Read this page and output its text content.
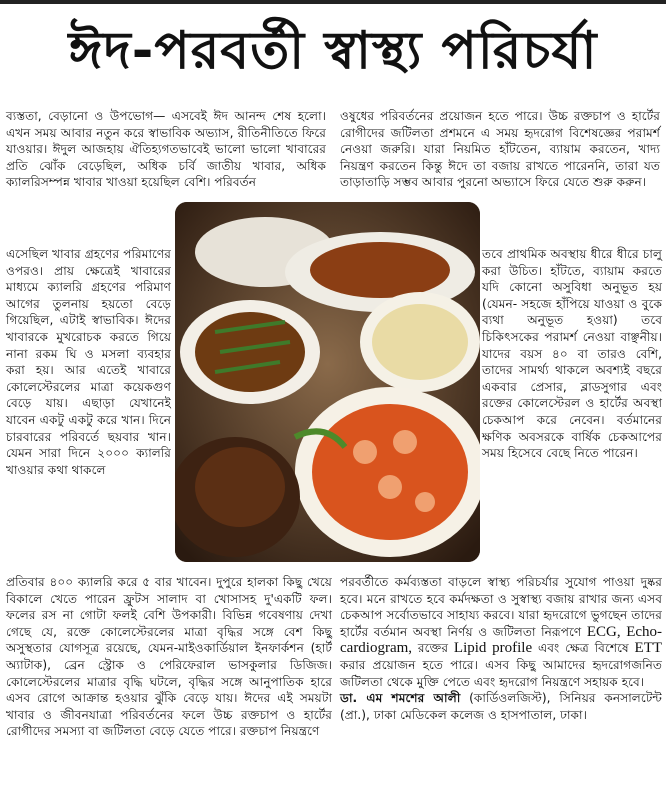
ঈদ-পরবর্তী স্বাস্থ্য পরিচর্যা

ব্যস্ততা, বেড়ানো ও উপভোগ— এসবেই ঈদ আনন্দ শেষ হলো। এখন সময় আবার নতুন করে স্বাভাবিক অভ্যাস, রীতিনীতিতে ফিরে যাওয়ার। ঈদুল আজহায় ঐতিহ্যগতভাবেই ভালো ভালো খাবারের প্রতি ঝোঁক বেড়েছিল, অধিক চর্বি জাতীয় খাবার, অধিক ক্যালরিসম্পন্ন খাবার খাওয়া হয়েছিল বেশি। পরিবর্তন

ওষুধের পরিবর্তনের প্রয়োজন হতে পারে। উচ্চ রক্তচাপ ও হার্টের রোগীদের জটিলতা প্রশমনে এ সময় হৃদরোগ বিশেষজ্ঞের পরামর্শ নেওয়া জরুরি। যারা নিয়মিত হাঁটতেন, ব্যায়াম করতেন, খাদ্য নিয়ন্ত্রণ করতেন কিন্তু ঈদে তা বজায় রাখতে পারেননি, তারা যত তাড়াতাড়ি সম্ভব আবার পুরনো অভ্যাসে ফিরে যেতে শুরু করুন।

এসেছিল খাবার গ্রহণের পরিমাণের ওপরও। প্রায় ক্ষেত্রেই খাবারের মাধ্যমে ক্যালরি গ্রহণের পরিমাণ আগের তুলনায় হয়তো বেড়ে গিয়েছিল, এটাই স্বাভাবিক। ঈদের খাবারকে মুখরোচক করতে গিয়ে নানা রকম ঘি ও মসলা ব্যবহার করা হয়। আর এতেই খাবারে কোলেস্টেরলের মাত্রা কয়েকগুণ বেড়ে যায়। এছাড়া যেখানেই যাবেন একটু একটু করে খান। দিনে চারবারের পরিবর্তে ছয়বার খান। যেমন সারা দিনে ২০০০ ক্যালরি খাওয়ার কথা থাকলে

তবে প্রাথমিক অবস্থায় ধীরে ধীরে চালু করা উচিত। হাঁটতে, ব্যায়াম করতে যদি কোনো অসুবিধা অনুভূত হয় (যেমন- সহজে হাঁপিয়ে যাওয়া ও বুকে ব্যথা অনুভূত হওয়া) তবে চিকিৎসকের পরামর্শ নেওয়া বাঞ্ছনীয়। যাদের বয়স ৪০ বা তারও বেশি, তাদের সামর্থ্য থাকলে অবশ্যই বছরে একবার প্রেসার, ব্লাডসুগার এবং রক্তের কোলেস্টেরল ও হার্টের অবস্থা চেকআপ করে নেবেন। বর্তমানের ক্ষণিক অবসরকে বার্ষিক চেকআপের সময় হিসেবে বেছে নিতে পারেন।

প্রতিবার ৪০০ ক্যালরি করে ৫ বার খাবেন। দুপুরে হালকা কিছু খেয়ে বিকালে খেতে পারেন ফ্রুটস সালাদ বা খোসাসহ দু'একটি ফল। ফলের রস না গোটা ফলই বেশি উপকারী। বিভিন্ন গবেষণায় দেখা গেছে যে, রক্তে কোলেস্টেরলের মাত্রা বৃদ্ধির সঙ্গে বেশ কিছু অসুস্থতার যোগসূত্র রয়েছে, যেমন-মাইওকার্ডিয়াল ইনফার্কশন (হার্ট অ্যাটাক), ব্রেন স্ট্রোক ও পেরিফেরাল ভাসকুলার ডিজিজ। কোলেস্টেরলের মাত্রার বৃদ্ধি ঘটলে, বৃদ্ধির সঙ্গে আনুপাতিক হারে এসব রোগে আক্রান্ত হওয়ার ঝুঁকি বেড়ে যায়। ঈদের এই সময়টা খাবার ও জীবনযাত্রা পরিবর্তনের ফলে উচ্চ রক্তচাপ ও হার্টের রোগীদের সমস্যা বা জটিলতা বেড়ে যেতে পারে। রক্তচাপ নিয়ন্ত্রণে

পরবর্তীতে কর্মব্যস্ততা বাড়লে স্বাস্থ্য পরিচর্যার সুযোগ পাওয়া দুষ্কর হবে। মনে রাখতে হবে কর্মদক্ষতা ও সুস্বাস্থ্য বজায় রাখার জন্য এসব চেকআপ সর্বোতভাবে সাহায্য করবে। যারা হৃদরোগে ভুগছেন তাদের হার্টের বর্তমান অবস্থা নির্ণয় ও জটিলতা নিরূপণে ECG, Echo-cardiogram, রক্তের Lipid profile এবং ক্ষেত্র বিশেষে ETT করার প্রয়োজন হতে পারে। এসব কিছু আমাদের হৃদরোগজনিত জটিলতা থেকে মুক্তি পেতে এবং হৃদরোগ নিয়ন্ত্রণে সহায়ক হবে।

ডা. এম শমশের আলী (কার্ডিওলজিস্ট), সিনিয়র কনসালটেন্ট (প্রা.), ঢাকা মেডিকেল কলেজ ও হাসপাতাল, ঢাকা।
